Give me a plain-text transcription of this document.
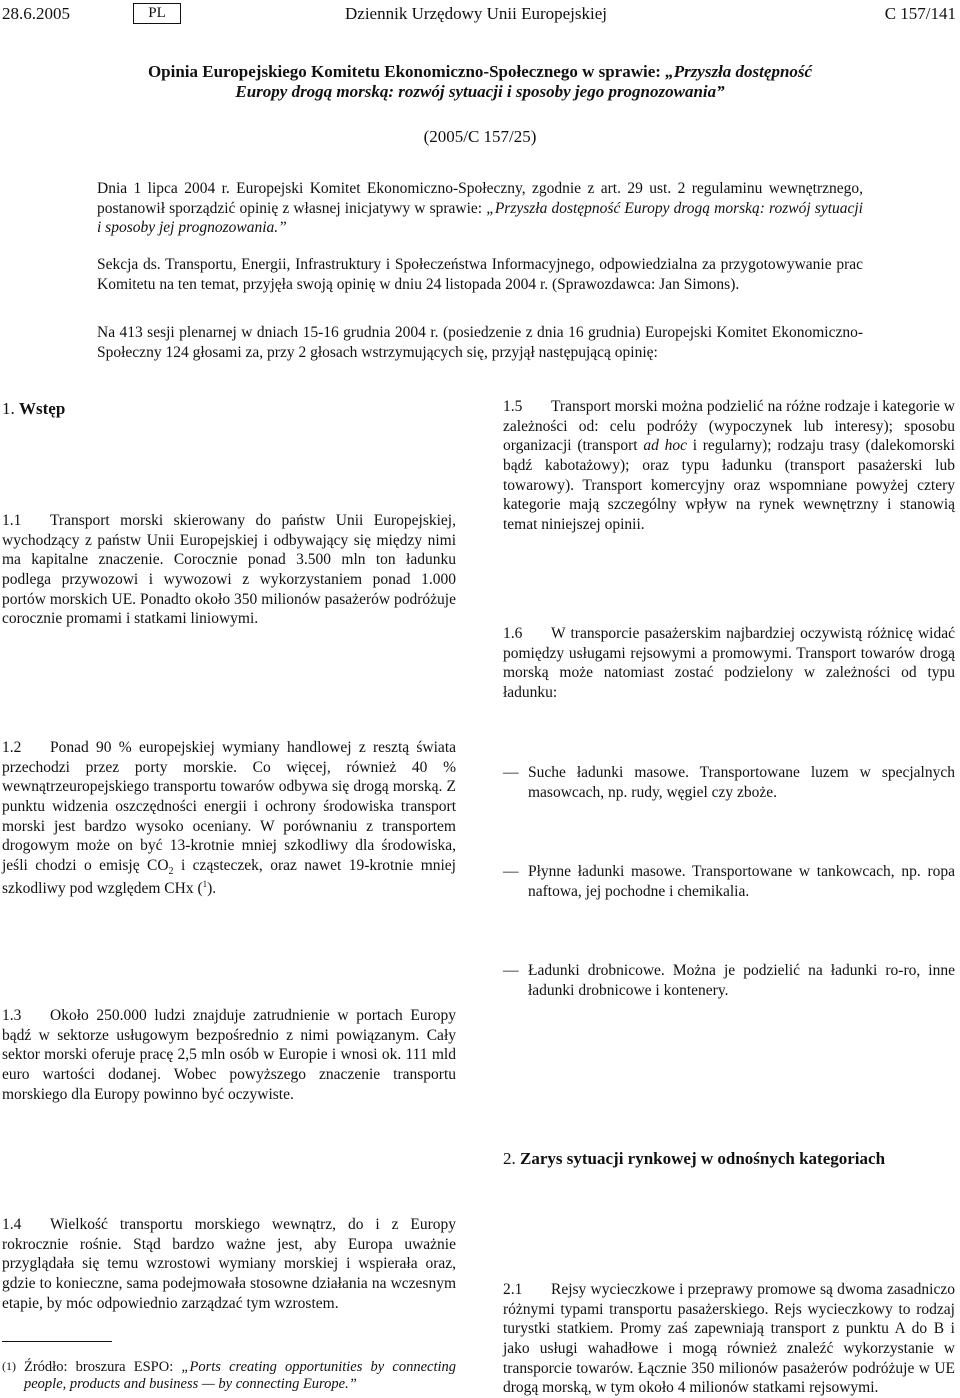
28.6.2005	PL	Dziennik Urzędowy Unii Europejskiej	C 157/141
Opinia Europejskiego Komitetu Ekonomiczno-Społecznego w sprawie: „Przyszła dostępność
Europy drogą morską: rozwój sytuacji i sposoby jego prognozowania”
(2005/C 157/25)
Dnia 1 lipca 2004 r. Europejski Komitet Ekonomiczno-Społeczny, zgodnie z art. 29 ust. 2 regulaminu wewnętrznego, postanowił sporządzić opinię z własnej inicjatywy w sprawie: „Przyszła dostępność Europy drogą morską: rozwój sytuacji i sposoby jej prognozowania.”
Sekcja ds. Transportu, Energii, Infrastruktury i Społeczeństwa Informacyjnego, odpowiedzialna za przygotowywanie prac Komitetu na ten temat, przyjęła swoją opinię w dniu 24 listopada 2004 r. (Sprawozdawca: Jan Simons).
Na 413 sesji plenarnej w dniach 15-16 grudnia 2004 r. (posiedzenie z dnia 16 grudnia) Europejski Komitet Ekonomiczno-Społeczny 124 głosami za, przy 2 głosach wstrzymujących się, przyjął następującą opinię:
1. Wstęp
1.1 Transport morski skierowany do państw Unii Europejskiej, wychodzący z państw Unii Europejskiej i odbywający się między nimi ma kapitalne znaczenie. Corocznie ponad 3.500 mln ton ładunku podlega przywozowi i wywozowi z wykorzystaniem ponad 1.000 portów morskich UE. Ponadto około 350 milionów pasażerów podróżuje corocznie promami i statkami liniowymi.
1.2 Ponad 90 % europejskiej wymiany handlowej z resztą świata przechodzi przez porty morskie. Co więcej, również 40 % wewnątrzeuropejskiego transportu towarów odbywa się drogą morską. Z punktu widzenia oszczędności energii i ochrony środowiska transport morski jest bardzo wysoko oceniany. W porównaniu z transportem drogowym może on być 13-krotnie mniej szkodliwy dla środowiska, jeśli chodzi o emisję $CO_2$ i cząsteczek, oraz nawet 19-krotnie mniej szkodliwy pod względem CHx ($^1$).
1.3 Około 250.000 ludzi znajduje zatrudnienie w portach Europy bądź w sektorze usługowym bezpośrednio z nimi powiązanym. Cały sektor morski oferuje pracę 2,5 mln osób w Europie i wnosi ok. 111 mld euro wartości dodanej. Wobec powyższego znaczenie transportu morskiego dla Europy powinno być oczywiste.
1.4 Wielkość transportu morskiego wewnątrz, do i z Europy rokrocznie rośnie. Stąd bardzo ważne jest, aby Europa uważnie przyglądała się temu wzrostowi wymiany morskiej i wspierała oraz, gdzie to konieczne, sama podejmowała stosowne działania na wczesnym etapie, by móc odpowiednio zarządzać tym wzrostem.
1.5 Transport morski można podzielić na różne rodzaje i kategorie w zależności od: celu podróży (wypoczynek lub interesy); sposobu organizacji (transport ad hoc i regularny); rodzaju trasy (dalekomorski bądź kabotażowy); oraz typu ładunku (transport pasażerski lub towarowy). Transport komercyjny oraz wspomniane powyżej cztery kategorie mają szczególny wpływ na rynek wewnętrzny i stanowią temat niniejszej opinii.
1.6 W transporcie pasażerskim najbardziej oczywistą różnicę widać pomiędzy usługami rejsowymi a promowymi. Transport towarów drogą morską może natomiast zostać podzielony w zależności od typu ładunku:
— Suche ładunki masowe. Transportowane luzem w specjalnych masowcach, np. rudy, węgiel czy zboże.
— Płynne ładunki masowe. Transportowane w tankowcach, np. ropa naftowa, jej pochodne i chemikalia.
— Ładunki drobnicowe. Można je podzielić na ładunki ro-ro, inne ładunki drobnicowe i kontenery.
2. Zarys sytuacji rynkowej w odnośnych kategoriach
2.1 Rejsy wycieczkowe i przeprawy promowe są dwoma zasadniczo różnymi typami transportu pasażerskiego. Rejs wycieczkowy to rodzaj turystki statkiem. Promy zaś zapewniają transport z punktu A do B i jako usługi wahadłowe i mogą również znaleźć wykorzystanie w transporcie towarów. Łącznie 350 milionów pasażerów podróżuje w UE drogą morską, w tym około 4 milionów statkami rejsowymi.
(1) Źródło: broszura ESPO: „Ports creating opportunities by connecting people, products and business — by connecting Europe.”
